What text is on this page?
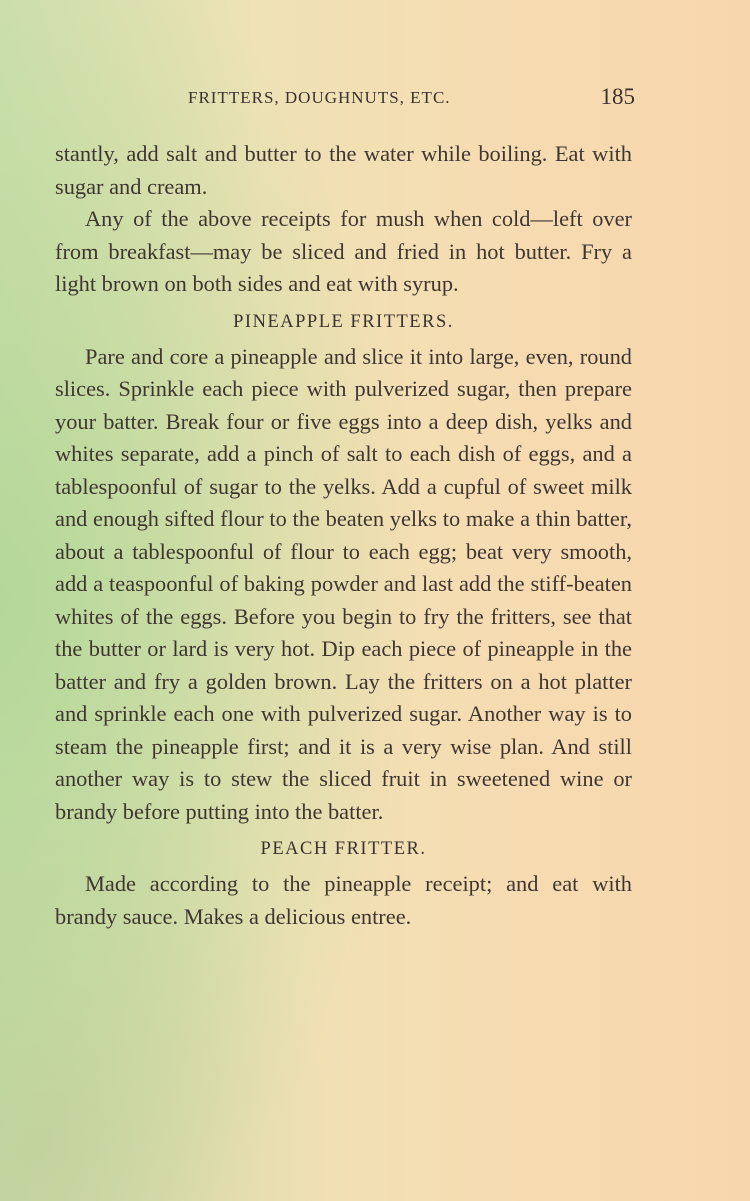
FRITTERS, DOUGHNUTS, ETC.	185

stantly, add salt and butter to the water while boiling. Eat with sugar and cream.

Any of the above receipts for mush when cold—left over from breakfast—may be sliced and fried in hot butter. Fry a light brown on both sides and eat with syrup.

PINEAPPLE FRITTERS.

Pare and core a pineapple and slice it into large, even, round slices. Sprinkle each piece with pulverized sugar, then prepare your batter. Break four or five eggs into a deep dish, yelks and whites separate, add a pinch of salt to each dish of eggs, and a tablespoonful of sugar to the yelks. Add a cupful of sweet milk and enough sifted flour to the beaten yelks to make a thin batter, about a tablespoonful of flour to each egg; beat very smooth, add a teaspoonful of baking powder and last add the stiff-beaten whites of the eggs. Before you begin to fry the fritters, see that the butter or lard is very hot. Dip each piece of pineapple in the batter and fry a golden brown. Lay the fritters on a hot platter and sprinkle each one with pulverized sugar. Another way is to steam the pineapple first; and it is a very wise plan. And still another way is to stew the sliced fruit in sweetened wine or brandy before putting into the batter.

PEACH FRITTER.

Made according to the pineapple receipt; and eat with brandy sauce. Makes a delicious entree.
